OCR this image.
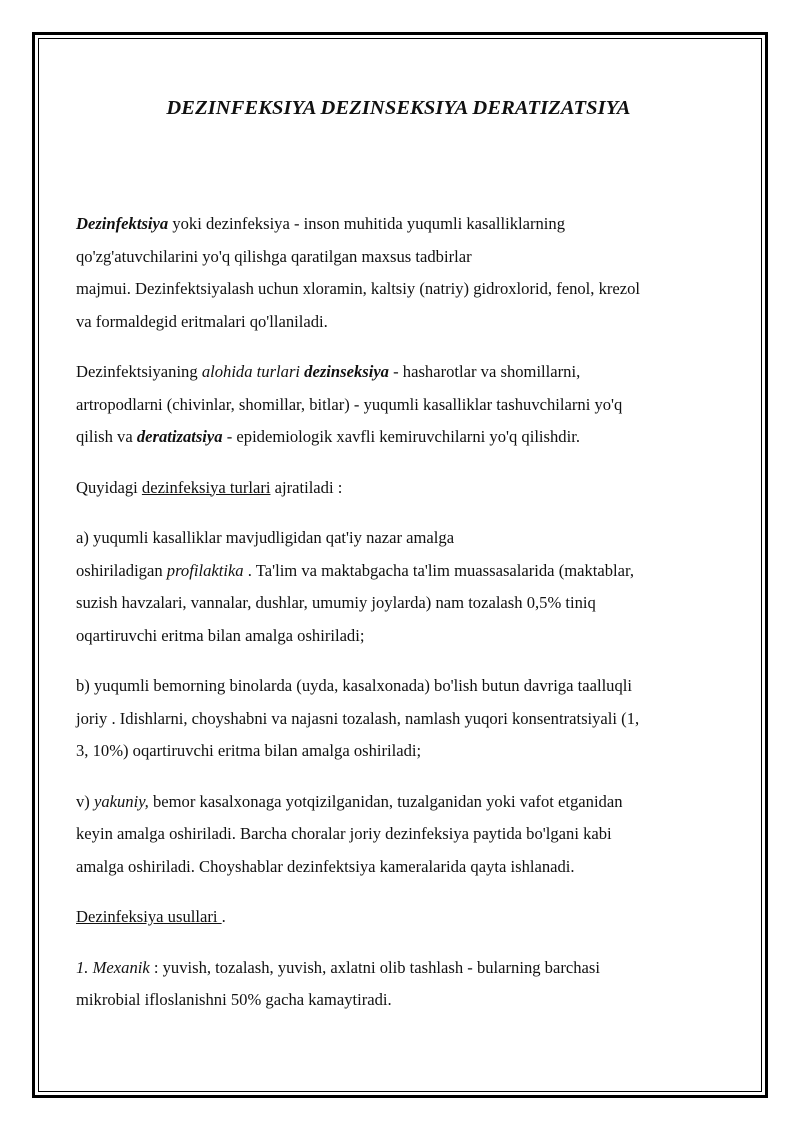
DEZINFEKSIYA DEZINSEKSIYA DERATIZATSIYA

Dezinfektsiya yoki dezinfeksiya - inson muhitida yuqumli kasalliklarning
qo'zg'atuvchilarini yo'q qilishga qaratilgan maxsus tadbirlar
majmui. Dezinfektsiyalash uchun xloramin, kaltsiy (natriy) gidroxlorid, fenol, krezol
va formaldegid eritmalari qo'llaniladi.

Dezinfektsiyaning alohida turlari dezinseksiya - hasharotlar va shomillarni,
artropodlarni (chivinlar, shomillar, bitlar) - yuqumli kasalliklar tashuvchilarni yo'q
qilish va deratizatsiya - epidemiologik xavfli kemiruvchilarni yo'q qilishdir.

Quyidagi dezinfeksiya turlari ajratiladi :

a) yuqumli kasalliklar mavjudligidan qat'iy nazar amalga
oshiriladigan profilaktika . Ta'lim va maktabgacha ta'lim muassasalarida (maktablar,
suzish havzalari, vannalar, dushlar, umumiy joylarda) nam tozalash 0,5% tiniq
oqartiruvchi eritma bilan amalga oshiriladi;

b) yuqumli bemorning binolarda (uyda, kasalxonada) bo'lish butun davriga taalluqli
joriy . Idishlarni, choyshabni va najasni tozalash, namlash yuqori konsentratsiyali (1,
3, 10%) oqartiruvchi eritma bilan amalga oshiriladi;

v) yakuniy, bemor kasalxonaga yotqizilganidan, tuzalganidan yoki vafot etganidan
keyin amalga oshiriladi. Barcha choralar joriy dezinfeksiya paytida bo'lgani kabi
amalga oshiriladi. Choyshablar dezinfektsiya kameralarida qayta ishlanadi.

Dezinfeksiya usullari .

1. Mexanik : yuvish, tozalash, yuvish, axlatni olib tashlash - bularning barchasi
mikrobial ifloslanishni 50% gacha kamaytiradi.
